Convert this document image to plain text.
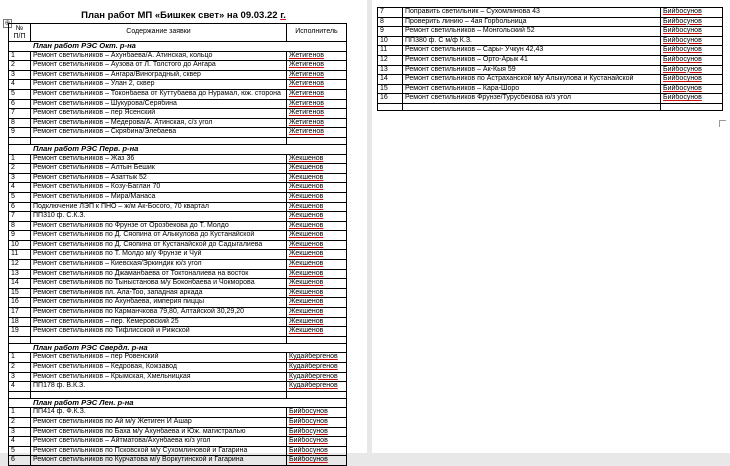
План работ МП «Бишкек свет» на 09.03.22 г.
⊕
№
П/П	Содержание заявки	Исполнитель
План работ РЭС Окт. р-на		
1	Ремонт светильников – Ахунбаева/А. Атинская, кольцо	Жетигенов
2	Ремонт светильников – Аузова от Л. Толстого до Ангара	Жетигенов
3	Ремонт светильников – Ангара/Виноградный, сквер	Жетигенов
4	Ремонт светильников – Улан 2, сквер	Жетигенов
5	Ремонт светильников – Токонбаева от Куттубаева до Нурамал, юж. сторона	Жетигенов
6	Ремонт светильников – Шукурова/Серябина	Жетигенов
7	Ремонт светильников – пер Ясенский	Жетигенов
8	Ремонт светильников – Медерова/А. Атинская, с/з угол	Жетигенов
9	Ремонт светильников – Скрябина/Элебаева	Жетигенов

План работ РЭС Перв. р-на		
1	Ремонт светильников – Жаз 36	Жекшенов
2	Ремонт светильников – Алтын Бешик	Жекшенов
3	Ремонт светильников – Азаттык 52	Жекшенов
4	Ремонт светильников – Козу-Баглан 70	Жекшенов
5	Ремонт светильников – Мира/Манаса	Жекшенов
6	Подключение ЛЭП к ПНО – ж/м Ак-Босого, 70 квартал	Жекшенов
7	ПП310 ф. С.К.З.	Жекшенов
8	Ремонт светильников по Фрунзе от Орозбекова до Т. Молдо	Жекшенов
9	Ремонт светильников по Д. Сяопина от Алыкулова до Кустанайской	Жекшенов
10	Ремонт светильников по Д. Сяопина от Кустанайской до Садыгалиева	Жекшенов
11	Ремонт светильников по Т. Молдо м/у Фрунзе и Чуй	Жекшенов
12	Ремонт светильников – Киевская/Эркиндик ю/з угол	Жекшенов
13	Ремонт светильников по Джаманбаева от Токтоналиева на восток	Жекшенов
14	Ремонт светильников по Тыныстанова м/у Боконбаева и Чокморова	Жекшенов
15	Ремонт светильников пл. Ала-Тоо, западная аркада	Жекшенов
16	Ремонт светильников по Ахунбаева, империя пиццы	Жекшенов
17	Ремонт светильников по Карманчкова 79,80, Алтайской 30,29,20	Жекшенов
18	Ремонт светильников – пер. Кемеровский 25	Жекшенов
19	Ремонт светильников по Тифлисской и Рижской	Жекшенов

План работ РЭС Свердл. р-на		
1	Ремонт светильников – пер Ровенский	Кудайбергенов
2	Ремонт светильников – Кедровая, Кожзавод	Кудайбергенов
3	Ремонт светильников – Крымская, Хмельницкая	Кудайбергенов
4	ПП178 ф. В.К.З.	Кудайбергенов

План работ РЭС Лен. р-на		
1	ПП414 ф. Ф.К.З.	Бийбосунов
2	Ремонт светильников по Ай м/у Жетиген И Ашар	Бийбосунов
3	Ремонт светильников по Баха м/у Ахунбаева и Юж. магистралью	Бийбосунов
4	Ремонт светильников – Айтматова/Ахунбаева ю/з угол	Бийбосунов
5	Ремонт светильников по Псковской м/у Сухомлиновой и Гагарина	Бийбосунов
6	Ремонт светильников по Курчатова м/у Воркутинской и Гагарина	Бийбосунов
7	Поправить светильник – Сухомлинова 43	Бийбосунов
8	Проверить линию – 4ая Горбольница	Бийбосунов
9	Ремонт светильников – Монгольский 52	Бийбосунов
10	ПП380 ф. С м/ф К.З.	Бийбосунов
11	Ремонт светильников – Сары- Учкун 42,43	Бийбосунов
12	Ремонт светильников – Орто-Арык 41	Бийбосунов
13	Ремонт светильников – Ак-Кыя 59	Бийбосунов
14	Ремонт светильников по Астраханской м/у Алыкулова и Кустанайской	Бийбосунов
15	Ремонт светильников – Кара-Шоро	Бийбосунов
16	Ремонт светильников Фрунзе/Турусбекова ю/з угол	Бийбосунов
